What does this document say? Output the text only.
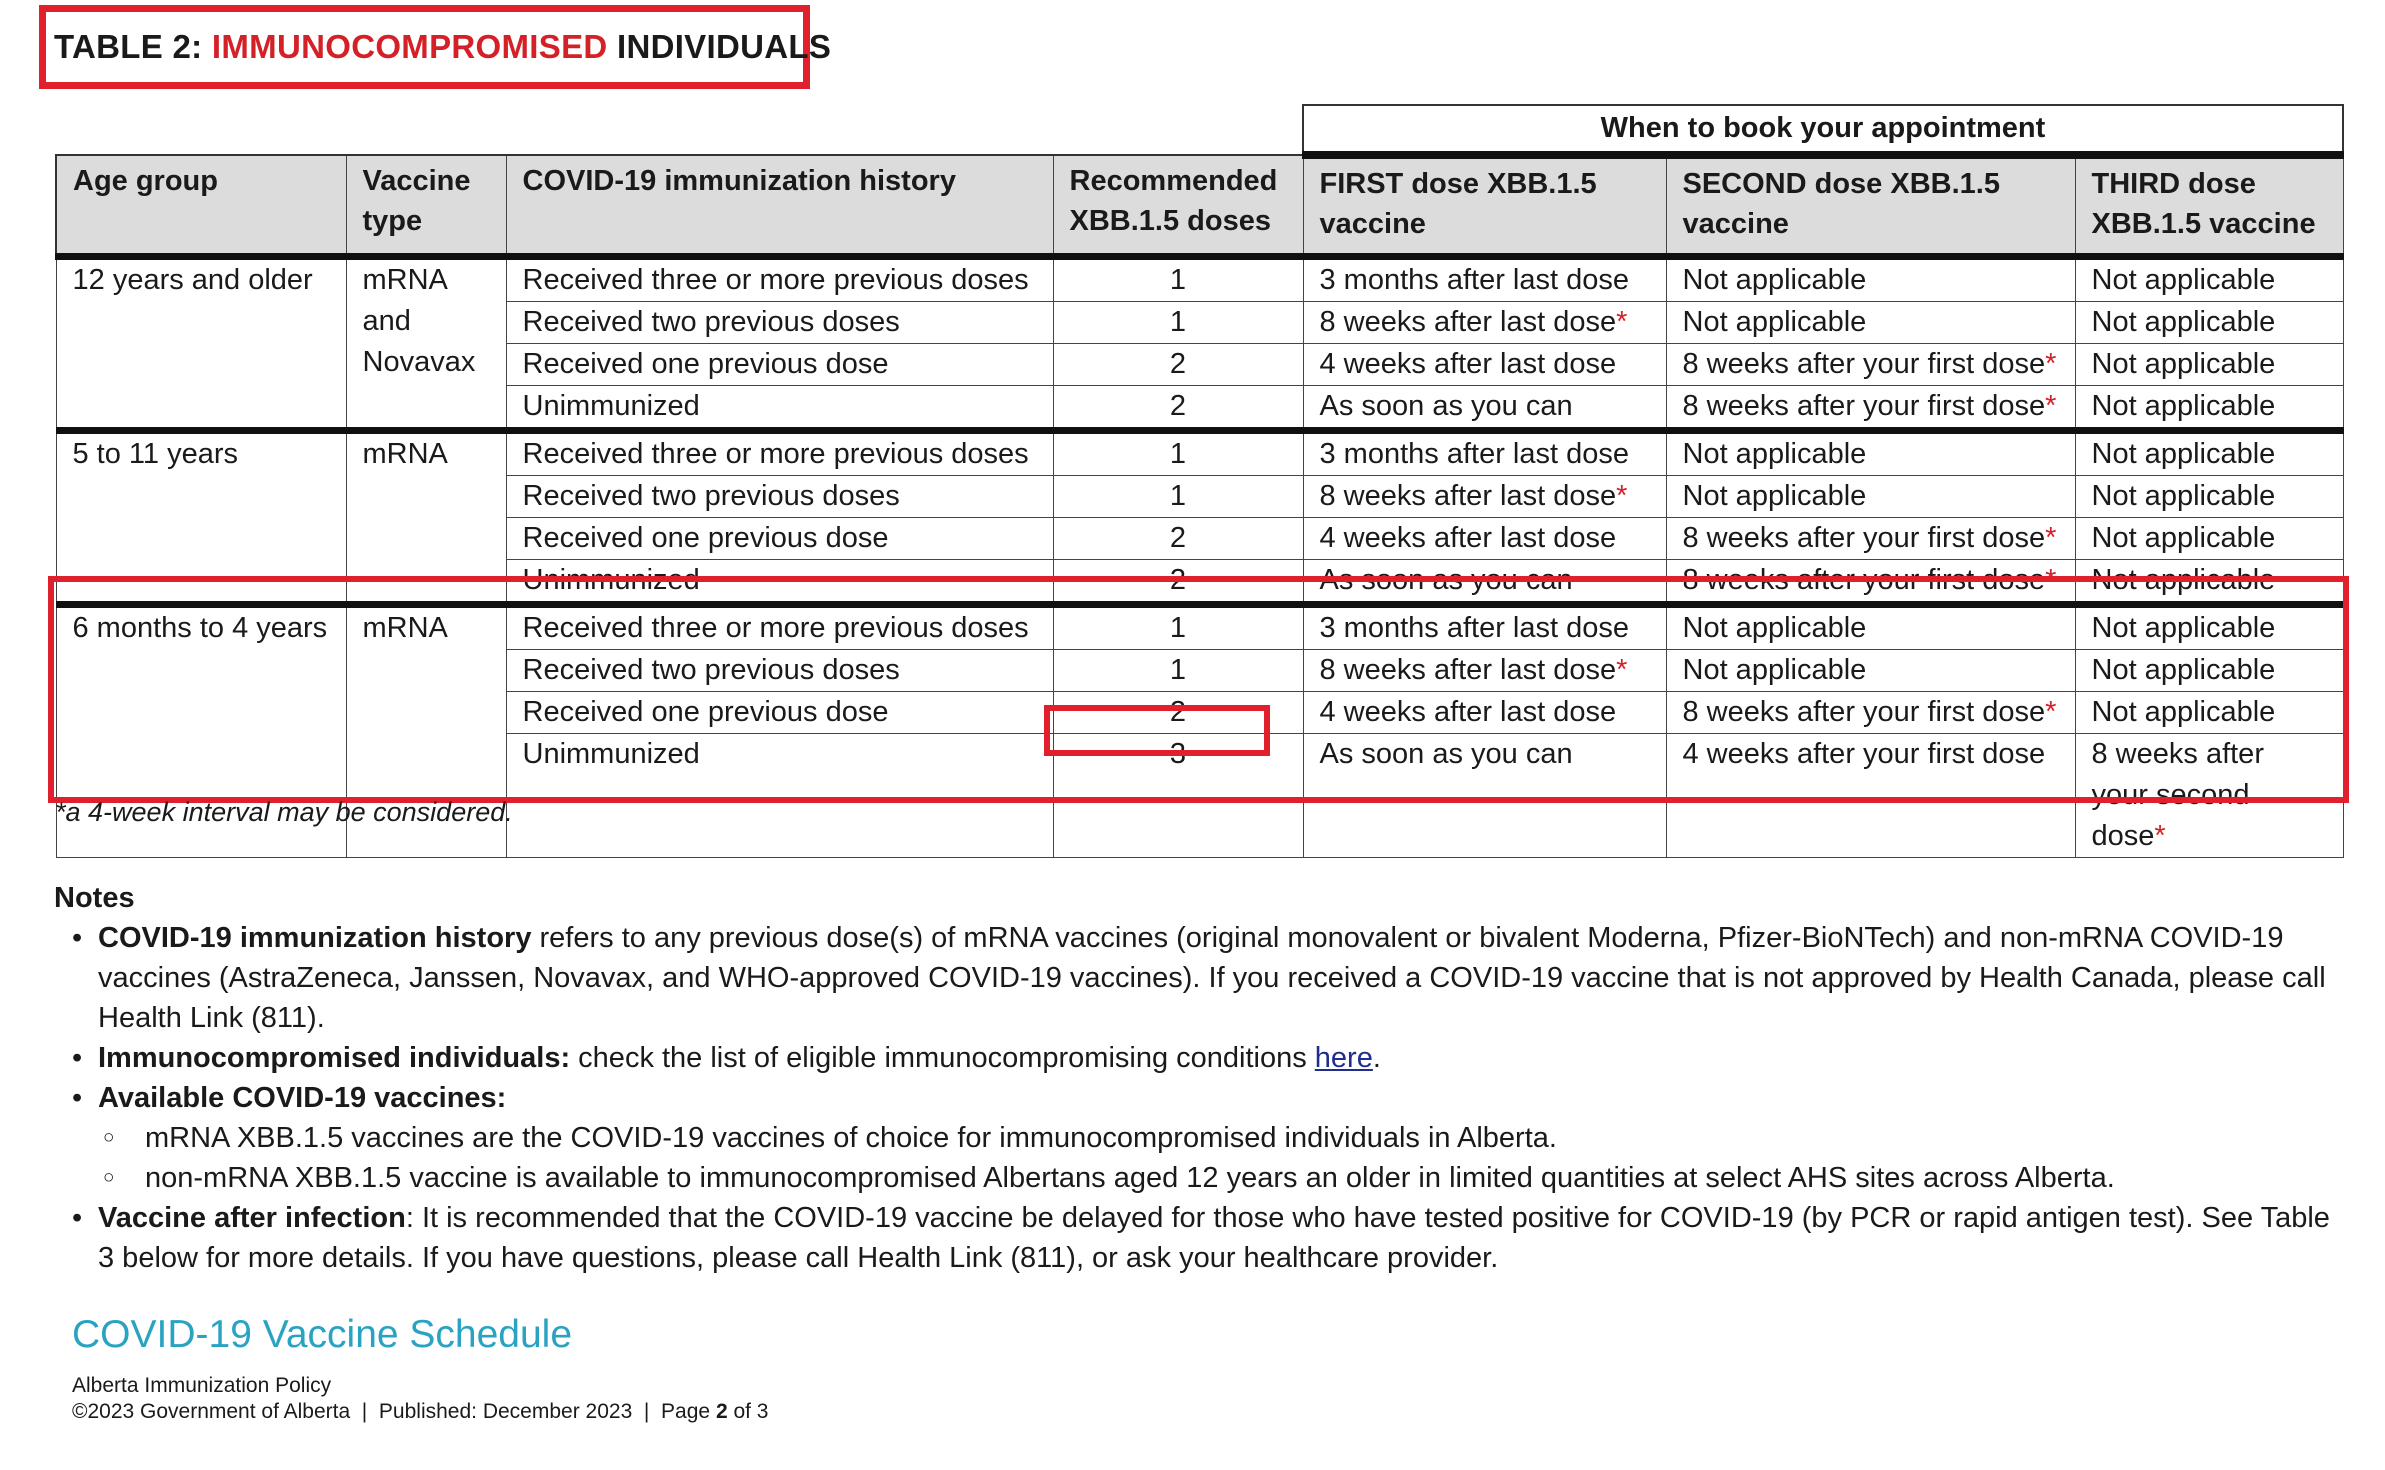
TABLE 2: IMMUNOCOMPROMISED INDIVIDUALS
				When to book your appointment		
Age group	Vaccine type	COVID-19 immunization history	Recommended XBB.1.5 doses	FIRST dose XBB.1.5 vaccine	SECOND dose XBB.1.5 vaccine	THIRD dose XBB.1.5 vaccine
12 years and older	mRNA and Novavax	Received three or more previous doses	1	3 months after last dose	Not applicable	Not applicable
		Received two previous doses	1	8 weeks after last dose*	Not applicable	Not applicable
		Received one previous dose	2	4 weeks after last dose	8 weeks after your first dose*	Not applicable
		Unimmunized	2	As soon as you can	8 weeks after your first dose*	Not applicable
5 to 11 years	mRNA	Received three or more previous doses	1	3 months after last dose	Not applicable	Not applicable
		Received two previous doses	1	8 weeks after last dose*	Not applicable	Not applicable
		Received one previous dose	2	4 weeks after last dose	8 weeks after your first dose*	Not applicable
		Unimmunized	2	As soon as you can	8 weeks after your first dose*	Not applicable
6 months to 4 years	mRNA	Received three or more previous doses	1	3 months after last dose	Not applicable	Not applicable
		Received two previous doses	1	8 weeks after last dose*	Not applicable	Not applicable
		Received one previous dose	2	4 weeks after last dose	8 weeks after your first dose*	Not applicable
		Unimmunized	3	As soon as you can	4 weeks after your first dose	8 weeks after your second dose*
*a 4-week interval may be considered.
Notes
• COVID-19 immunization history refers to any previous dose(s) of mRNA vaccines (original monovalent or bivalent Moderna, Pfizer-BioNTech) and non-mRNA COVID-19 vaccines (AstraZeneca, Janssen, Novavax, and WHO-approved COVID-19 vaccines). If you received a COVID-19 vaccine that is not approved by Health Canada, please call Health Link (811).
• Immunocompromised individuals: check the list of eligible immunocompromising conditions here.
• Available COVID-19 vaccines:
○ mRNA XBB.1.5 vaccines are the COVID-19 vaccines of choice for immunocompromised individuals in Alberta.
○ non-mRNA XBB.1.5 vaccine is available to immunocompromised Albertans aged 12 years an older in limited quantities at select AHS sites across Alberta.
• Vaccine after infection: It is recommended that the COVID-19 vaccine be delayed for those who have tested positive for COVID-19 (by PCR or rapid antigen test). See Table 3 below for more details. If you have questions, please call Health Link (811), or ask your healthcare provider.
COVID-19 Vaccine Schedule
Alberta Immunization Policy
©2023 Government of Alberta  |  Published: December 2023  |  Page 2 of 3
